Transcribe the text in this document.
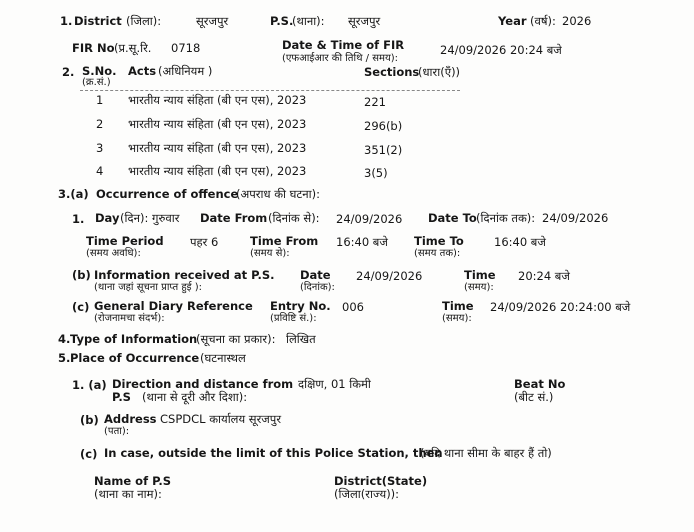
1. District (जिला):	सूरजपुर	P.S.
(थाना): सूरजपुर	Year (वर्ष): 2026
FIR No (प्र.सू.रि. 0718	Date & Time of FIR
(एफआईआर की तिथि / समय):
24/09/2026 20:24 बजे
2. S.No.
(क्र.सं.)
Acts (अधिनियम )	Sections
(धारा(एँ))
1 भारतीय न्याय संहिता (बी एन एस), 2023	221
2 भारतीय न्याय संहिता (बी एन एस), 2023	296(b)
3 भारतीय न्याय संहिता (बी एन एस), 2023	351(2)
4 भारतीय न्याय संहिता (बी एन एस), 2023	3(5)
3.(a) Occurrence of offence
(अपराध की घटना):
1. Day (दिन): गुरुवार Date From (दिनांक से): 24/09/2026 Date To (दिनांक तक): 24/09/2026
Time Period
(समय अवधि):
पहर 6	Time From
(समय से):
16:40 बजे Time To
(समय तक):
16:40 बजे
(b) Information received at P.S.
(थाना जहां सूचना प्राप्त हुई ):
Date
(दिनांक):
24/09/2026	Time
(समय):
20:24 बजे
(c) General Diary Reference
(रोजनामचा संदर्भ):
Entry No.
(प्रविष्टि सं.):
006	Time
(समय):
24/09/2026 20:24:00 बजे
4. Type of Information
(सूचना का प्रकार): लिखित
5. Place of Occurrence (घटनास्थल
1. (a) Direction and distance from
P.S (थाना से दूरी और दिशा):
दक्षिण, 01 किमी	Beat No
(बीट सं.)
(b) Address CSPDCL कार्यालय सूरजपुर
(पता):
(c) In case, outside the limit of this Police Station, then
(यदि थाना सीमा के बाहर हैं तो)
Name of P.S
(थाना का नाम):
District(State)
(जिला(राज्य)):
